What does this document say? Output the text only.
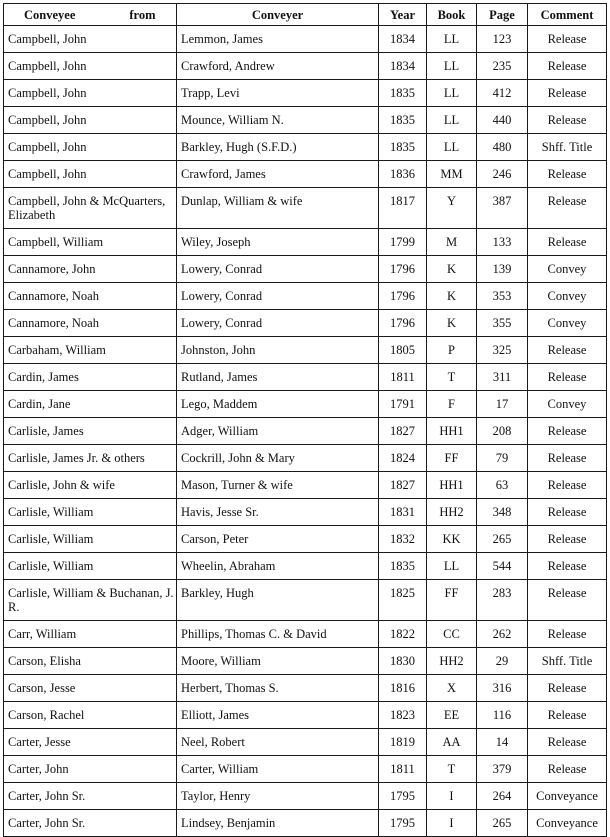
Conveyee from	Conveyer	Year	Book	Page	Comment
Campbell, John	Lemmon, James	1834	LL	123	Release
Campbell, John	Crawford, Andrew	1834	LL	235	Release
Campbell, John	Trapp, Levi	1835	LL	412	Release
Campbell, John	Mounce, William N.	1835	LL	440	Release
Campbell, John	Barkley, Hugh (S.F.D.)	1835	LL	480	Shff. Title
Campbell, John	Crawford, James	1836	MM	246	Release
Campbell, John & McQuarters, Elizabeth	Dunlap, William & wife	1817	Y	387	Release
Campbell, William	Wiley, Joseph	1799	M	133	Release
Cannamore, John	Lowery, Conrad	1796	K	139	Convey
Cannamore, Noah	Lowery, Conrad	1796	K	353	Convey
Cannamore, Noah	Lowery, Conrad	1796	K	355	Convey
Carbaham, William	Johnston, John	1805	P	325	Release
Cardin, James	Rutland, James	1811	T	311	Release
Cardin, Jane	Lego, Maddem	1791	F	17	Convey
Carlisle, James	Adger, William	1827	HH1	208	Release
Carlisle, James Jr. & others	Cockrill, John & Mary	1824	FF	79	Release
Carlisle, John & wife	Mason, Turner & wife	1827	HH1	63	Release
Carlisle, William	Havis, Jesse Sr.	1831	HH2	348	Release
Carlisle, William	Carson, Peter	1832	KK	265	Release
Carlisle, William	Wheelin, Abraham	1835	LL	544	Release
Carlisle, William & Buchanan, J. R.	Barkley, Hugh	1825	FF	283	Release
Carr, William	Phillips, Thomas C. & David	1822	CC	262	Release
Carson, Elisha	Moore, William	1830	HH2	29	Shff. Title
Carson, Jesse	Herbert, Thomas S.	1816	X	316	Release
Carson, Rachel	Elliott, James	1823	EE	116	Release
Carter, Jesse	Neel, Robert	1819	AA	14	Release
Carter, John	Carter, William	1811	T	379	Release
Carter, John Sr.	Taylor, Henry	1795	I	264	Conveyance
Carter, John Sr.	Lindsey, Benjamin	1795	I	265	Conveyance
